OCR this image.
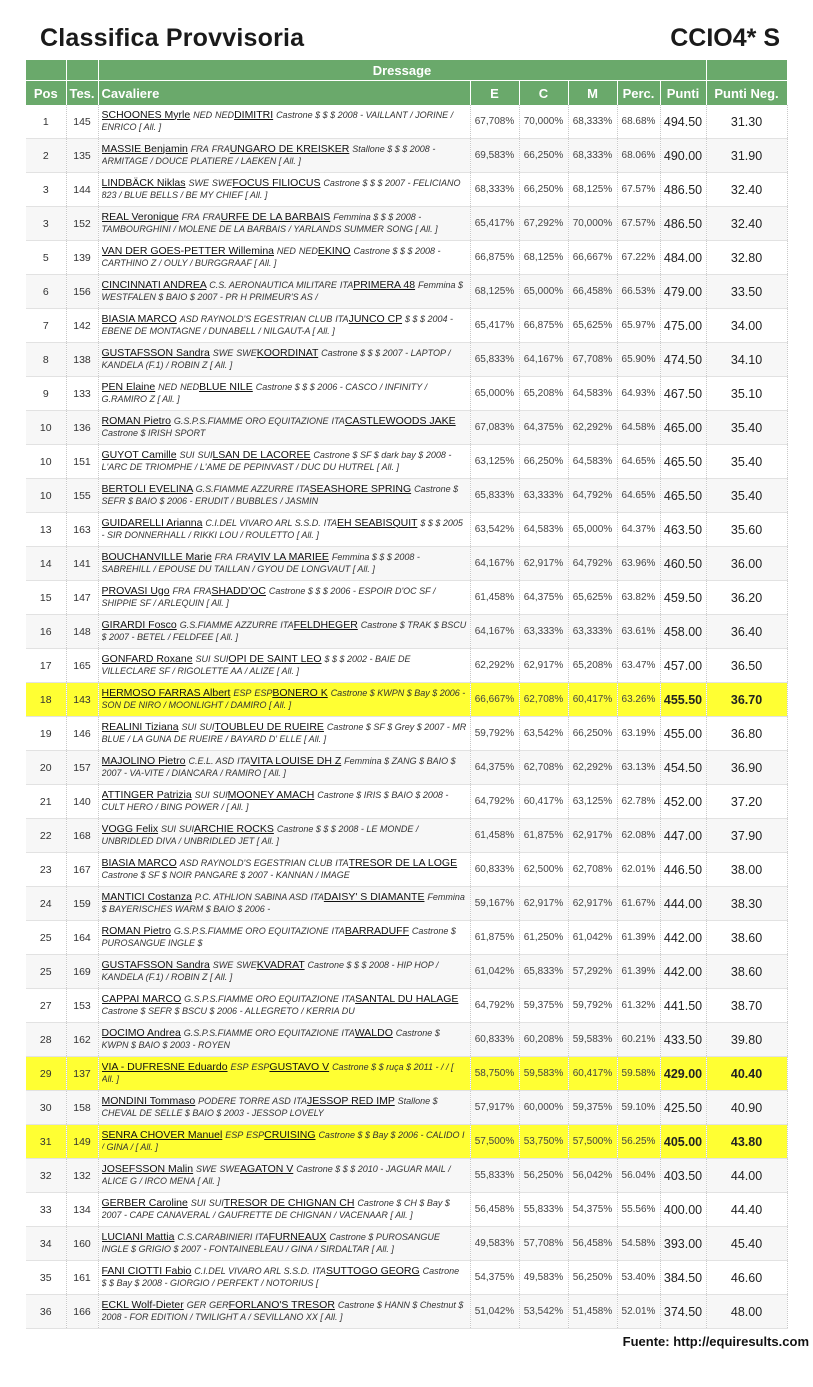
Classifica Provvisoria	CCIO4* S
		Dressage						
Pos	Tes.	Cavaliere	E	C	M	Perc.	Punti	Punti Neg.
1	145	SCHOONES Myrle NED NEDDIMITRI Castrone $ $ $ 2008 - VAILLANT / JORINE / ENRICO [ All. ]	67,708%	70,000%	68,333%	68.68%	494.50	31.30
2	135	MASSIE Benjamin FRA FRAUNGARO DE KREISKER Stallone $ $ $ 2008 - ARMITAGE / DOUCE PLATIERE / LAEKEN [ All. ]	69,583%	66,250%	68,333%	68.06%	490.00	31.90
3	144	LINDBÄCK Niklas SWE SWEFOCUS FILIOCUS Castrone $ $ $ 2007 - FELICIANO 823 / BLUE BELLS / BE MY CHIEF [ All. ]	68,333%	66,250%	68,125%	67.57%	486.50	32.40
3	152	REAL Veronique FRA FRAURFE DE LA BARBAIS Femmina $ $ $ 2008 - TAMBOURGHINI / MOLENE DE LA BARBAIS / YARLANDS SUMMER SONG [ All. ]	65,417%	67,292%	70,000%	67.57%	486.50	32.40
5	139	VAN DER GOES-PETTER Willemina NED NEDEKINO Castrone $ $ $ 2008 - CARTHINO Z / OULY / BURGGRAAF [ All. ]	66,875%	68,125%	66,667%	67.22%	484.00	32.80
6	156	CINCINNATI ANDREA C.S. AERONAUTICA MILITARE ITAPRIMERA 48 Femmina $ WESTFALEN $ BAIO $ 2007 - PR H PRIMEUR'S AS /	68,125%	65,000%	66,458%	66.53%	479.00	33.50
7	142	BIASIA MARCO ASD RAYNOLD'S EGESTRIAN CLUB ITAJUNCO CP $ $ $ 2004 - EBENE DE MONTAGNE / DUNABELL / NILGAUT-A [ All. ]	65,417%	66,875%	65,625%	65.97%	475.00	34.00
8	138	GUSTAFSSON Sandra SWE SWEKOORDINAT Castrone $ $ $ 2007 - LAPTOP / KANDELA (F.1) / ROBIN Z [ All. ]	65,833%	64,167%	67,708%	65.90%	474.50	34.10
9	133	PEN Elaine NED NEDBLUE NILE Castrone $ $ $ 2006 - CASCO / INFINITY / G.RAMIRO Z [ All. ]	65,000%	65,208%	64,583%	64.93%	467.50	35.10
10	136	ROMAN Pietro G.S.P.S.FIAMME ORO EQUITAZIONE ITACASTLEWOODS JAKE Castrone $ IRISH SPORT	67,083%	64,375%	62,292%	64.58%	465.00	35.40
10	151	GUYOT Camille SUI SUILSAN DE LACOREE Castrone $ SF $ dark bay $ 2008 - L'ARC DE TRIOMPHE / L'AME DE PEPINVAST / DUC DU HUTREL [ All. ]	63,125%	66,250%	64,583%	64.65%	465.50	35.40
10	155	BERTOLI EVELINA G.S.FIAMME AZZURRE ITASEASHORE SPRING Castrone $ SEFR $ BAIO $ 2006 - ERUDIT / BUBBLES / JASMIN	65,833%	63,333%	64,792%	64.65%	465.50	35.40
13	163	GUIDARELLI Arianna C.I.DEL VIVARO ARL S.S.D. ITAEH SEABISQUIT $ $ $ 2005 - SIR DONNERHALL / RIKKI LOU / ROULETTO [ All. ]	63,542%	64,583%	65,000%	64.37%	463.50	35.60
14	141	BOUCHANVILLE Marie FRA FRAVIV LA MARIEE Femmina $ $ $ 2008 - SABREHILL / EPOUSE DU TAILLAN / GYOU DE LONGVAUT [ All. ]	64,167%	62,917%	64,792%	63.96%	460.50	36.00
15	147	PROVASI Ugo FRA FRASHADD'OC Castrone $ $ $ 2006 - ESPOIR D'OC SF / SHIPPIE SF / ARLEQUIN [ All. ]	61,458%	64,375%	65,625%	63.82%	459.50	36.20
16	148	GIRARDI Fosco G.S.FIAMME AZZURRE ITAFELDHEGER Castrone $ TRAK $ BSCU $ 2007 - BETEL / FELDFEE [ All. ]	64,167%	63,333%	63,333%	63.61%	458.00	36.40
17	165	GONFARD Roxane SUI SUIOPI DE SAINT LEO $ $ $ 2002 - BAIE DE VILLECLARE SF / RIGOLETTE AA / ALIZE [ All. ]	62,292%	62,917%	65,208%	63.47%	457.00	36.50
18	143	HERMOSO FARRAS Albert ESP ESPBONERO K Castrone $ KWPN $ Bay $ 2006 - SON DE NIRO / MOONLIGHT / DAMIRO [ All. ]	66,667%	62,708%	60,417%	63.26%	455.50	36.70
19	146	REALINI Tiziana SUI SUITOUBLEU DE RUEIRE Castrone $ SF $ Grey $ 2007 - MR BLUE / LA GUNA DE RUEIRE / BAYARD D' ELLE [ All. ]	59,792%	63,542%	66,250%	63.19%	455.00	36.80
20	157	MAJOLINO Pietro C.E.L. ASD ITAVITA LOUISE DH Z Femmina $ ZANG $ BAIO $ 2007 - VA-VITE / DIANCARA / RAMIRO [ All. ]	64,375%	62,708%	62,292%	63.13%	454.50	36.90
21	140	ATTINGER Patrizia SUI SUIMOONEY AMACH Castrone $ IRIS $ BAIO $ 2008 - CULT HERO / BING POWER / [ All. ]	64,792%	60,417%	63,125%	62.78%	452.00	37.20
22	168	VOGG Felix SUI SUIARCHIE ROCKS Castrone $ $ $ 2008 - LE MONDE / UNBRIDLED DIVA / UNBRIDLED JET [ All. ]	61,458%	61,875%	62,917%	62.08%	447.00	37.90
23	167	BIASIA MARCO ASD RAYNOLD'S EGESTRIAN CLUB ITATRESOR DE LA LOGE Castrone $ SF $ NOIR PANGARE $ 2007 - KANNAN / IMAGE	60,833%	62,500%	62,708%	62.01%	446.50	38.00
24	159	MANTICI Costanza P.C. ATHLION SABINA ASD ITADAISY' S DIAMANTE Femmina $ BAYERISCHES WARM $ BAIO $ 2006 -	59,167%	62,917%	62,917%	61.67%	444.00	38.30
25	164	ROMAN Pietro G.S.P.S.FIAMME ORO EQUITAZIONE ITABARRADUFF Castrone $ PUROSANGUE INGLE $	61,875%	61,250%	61,042%	61.39%	442.00	38.60
25	169	GUSTAFSSON Sandra SWE SWEKVADRAT Castrone $ $ $ 2008 - HIP HOP / KANDELA (F.1) / ROBIN Z [ All. ]	61,042%	65,833%	57,292%	61.39%	442.00	38.60
27	153	CAPPAI MARCO G.S.P.S.FIAMME ORO EQUITAZIONE ITASANTAL DU HALAGE Castrone $ SEFR $ BSCU $ 2006 - ALLEGRETO / KERRIA DU	64,792%	59,375%	59,792%	61.32%	441.50	38.70
28	162	DOCIMO Andrea G.S.P.S.FIAMME ORO EQUITAZIONE ITAWALDO Castrone $ KWPN $ BAIO $ 2003 - ROYEN	60,833%	60,208%	59,583%	60.21%	433.50	39.80
29	137	VIA - DUFRESNE Eduardo ESP ESPGUSTAVO V Castrone $ $ ruça $ 2011 - / / [ All. ]	58,750%	59,583%	60,417%	59.58%	429.00	40.40
30	158	MONDINI Tommaso PODERE TORRE ASD ITAJESSOP RED IMP Stallone $ CHEVAL DE SELLE $ BAIO $ 2003 - JESSOP LOVELY	57,917%	60,000%	59,375%	59.10%	425.50	40.90
31	149	SENRA CHOVER Manuel ESP ESPCRUISING Castrone $ $ Bay $ 2006 - CALIDO I / GINA / [ All. ]	57,500%	53,750%	57,500%	56.25%	405.00	43.80
32	132	JOSEFSSON Malin SWE SWEAGATON V Castrone $ $ $ 2010 - JAGUAR MAIL / ALICE G / IRCO MENA [ All. ]	55,833%	56,250%	56,042%	56.04%	403.50	44.00
33	134	GERBER Caroline SUI SUITRESOR DE CHIGNAN CH Castrone $ CH $ Bay $ 2007 - CAPE CANAVERAL / GAUFRETTE DE CHIGNAN / VACENAAR [ All. ]	56,458%	55,833%	54,375%	55.56%	400.00	44.40
34	160	LUCIANI Mattia C.S.CARABINIERI ITAFURNEAUX Castrone $ PUROSANGUE INGLE $ GRIGIO $ 2007 - FONTAINEBLEAU / GINA / SIRDALTAR [ All. ]	49,583%	57,708%	56,458%	54.58%	393.00	45.40
35	161	FANI CIOTTI Fabio C.I.DEL VIVARO ARL S.S.D. ITASUTTOGO GEORG Castrone $ $ Bay $ 2008 - GIORGIO / PERFEKT / NOTORIUS [	54,375%	49,583%	56,250%	53.40%	384.50	46.60
36	166	ECKL Wolf-Dieter GER GERFORLANO'S TRESOR Castrone $ HANN $ Chestnut $ 2008 - FOR EDITION / TWILIGHT A / SEVILLANO XX [ All. ]	51,042%	53,542%	51,458%	52.01%	374.50	48.00
Fuente: http://equiresults.com
